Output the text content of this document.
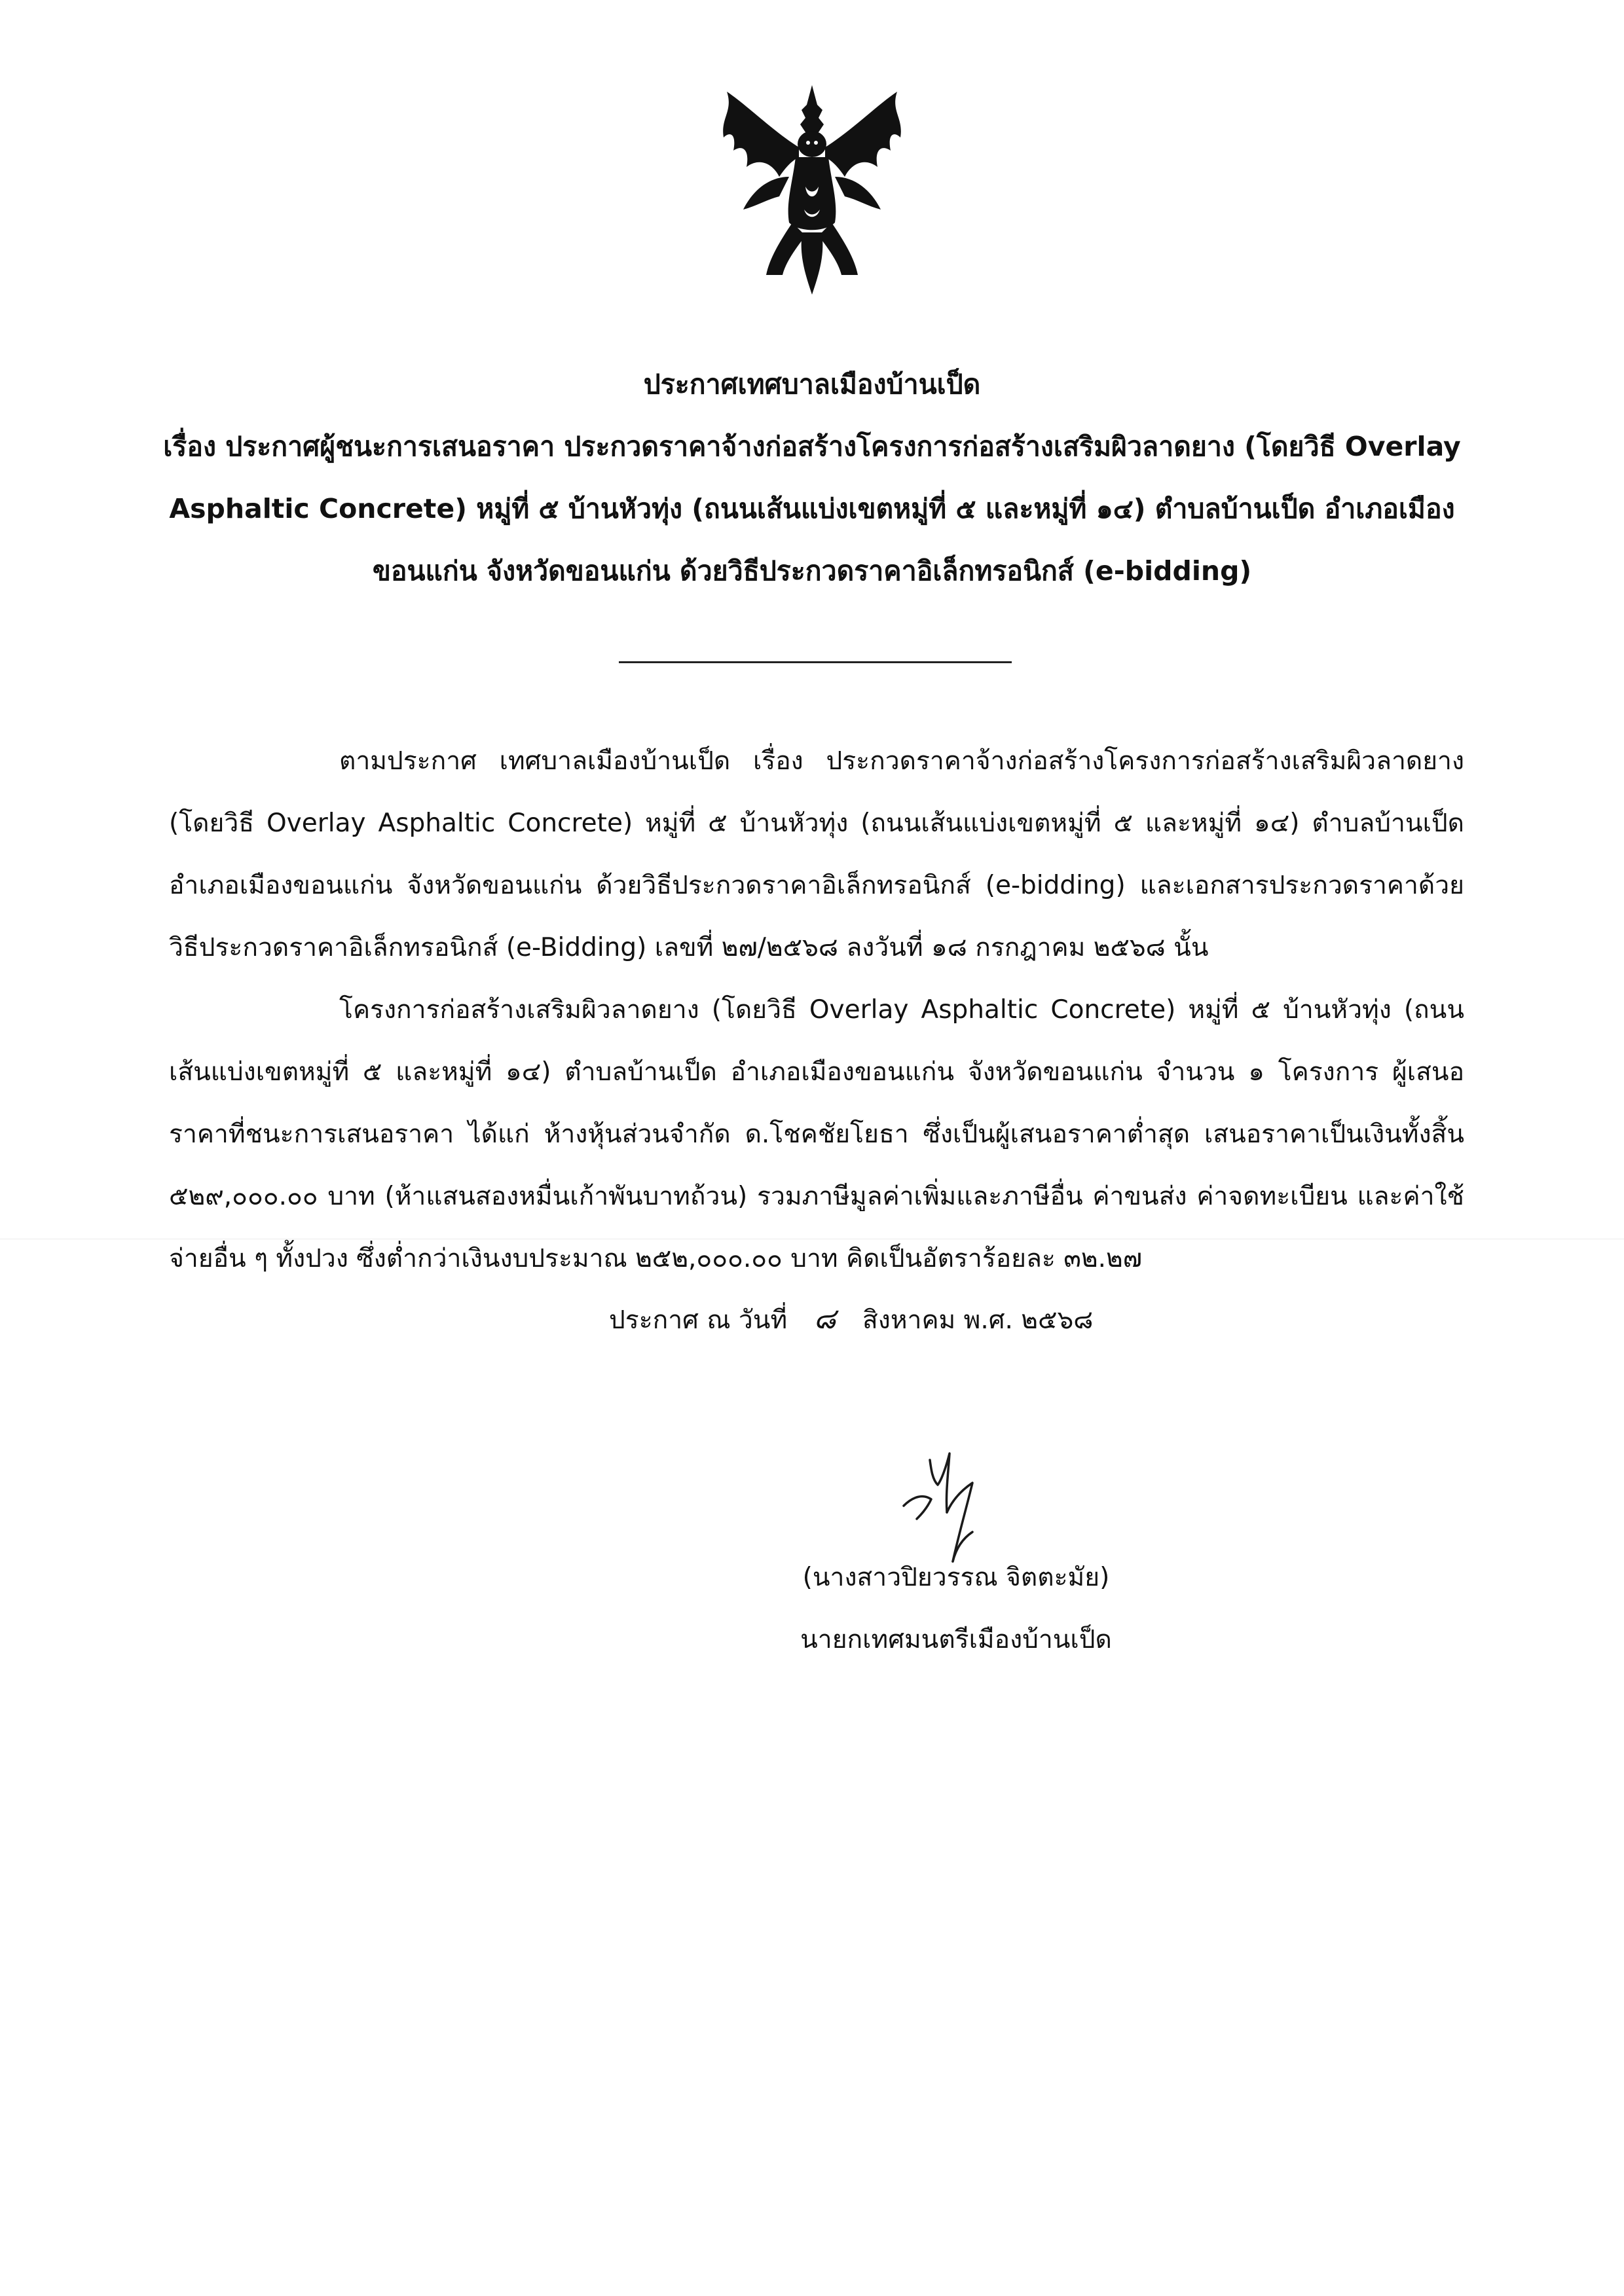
ประกาศเทศบาลเมืองบ้านเป็ด
เรื่อง ประกาศผู้ชนะการเสนอราคา ประกวดราคาจ้างก่อสร้างโครงการก่อสร้างเสริมผิวลาดยาง (โดยวิธี Overlay
Asphaltic Concrete) หมู่ที่ ๕ บ้านหัวทุ่ง (ถนนเส้นแบ่งเขตหมู่ที่ ๕ และหมู่ที่ ๑๔) ตำบลบ้านเป็ด อำเภอเมือง
ขอนแก่น จังหวัดขอนแก่น ด้วยวิธีประกวดราคาอิเล็กทรอนิกส์ (e-bidding)
ตามประกาศ เทศบาลเมืองบ้านเป็ด เรื่อง ประกวดราคาจ้างก่อสร้างโครงการก่อสร้างเสริมผิวลาดยาง (โดยวิธี Overlay Asphaltic Concrete) หมู่ที่ ๕ บ้านหัวทุ่ง (ถนนเส้นแบ่งเขตหมู่ที่ ๕ และหมู่ที่ ๑๔) ตำบลบ้านเป็ด อำเภอเมืองขอนแก่น จังหวัดขอนแก่น ด้วยวิธีประกวดราคาอิเล็กทรอนิกส์ (e-bidding) และเอกสารประกวดราคาด้วยวิธีประกวดราคาอิเล็กทรอนิกส์ (e-Bidding) เลขที่ ๒๗/๒๕๖๘ ลงวันที่ ๑๘ กรกฎาคม ๒๕๖๘ นั้น
โครงการก่อสร้างเสริมผิวลาดยาง (โดยวิธี Overlay Asphaltic Concrete) หมู่ที่ ๕ บ้านหัวทุ่ง (ถนนเส้นแบ่งเขตหมู่ที่ ๕ และหมู่ที่ ๑๔) ตำบลบ้านเป็ด อำเภอเมืองขอนแก่น จังหวัดขอนแก่น จำนวน ๑ โครงการ ผู้เสนอราคาที่ชนะการเสนอราคา ได้แก่ ห้างหุ้นส่วนจำกัด ด.โชคชัยโยธา ซึ่งเป็นผู้เสนอราคาต่ำสุด เสนอราคาเป็นเงินทั้งสิ้น ๕๒๙,๐๐๐.๐๐ บาท (ห้าแสนสองหมื่นเก้าพันบาทถ้วน) รวมภาษีมูลค่าเพิ่มและภาษีอื่น ค่าขนส่ง ค่าจดทะเบียน และค่าใช้จ่ายอื่น ๆ ทั้งปวง ซึ่งต่ำกว่าเงินงบประมาณ ๒๕๒,๐๐๐.๐๐ บาท คิดเป็นอัตราร้อยละ ๓๒.๒๗
ประกาศ ณ วันที่ ๘ สิงหาคม พ.ศ. ๒๕๖๘
(นางสาวปิยวรรณ จิตตะมัย)
นายกเทศมนตรีเมืองบ้านเป็ด
